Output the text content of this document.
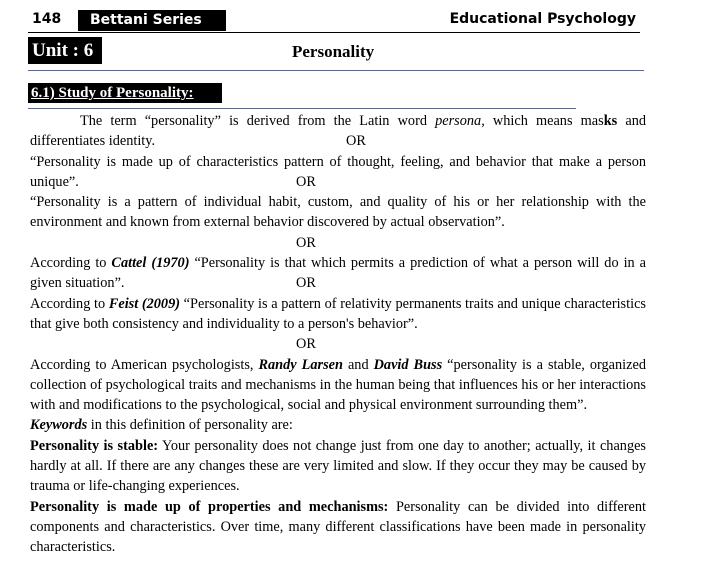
148	Bettani Series	Educational Psychology
Unit : 6	Personality
6.1) Study of Personality:

The term “personality” is derived from the Latin word persona, which means masks and differentiates identity.	OR

“Personality is made up of characteristics pattern of thought, feeling, and behavior that make a person unique”.	OR

“Personality is a pattern of individual habit, custom, and quality of his or her relationship with the environment and known from external behavior discovered by actual observation”.

OR

According to Cattel (1970) “Personality is that which permits a prediction of what a person will do in a given situation”.	OR

According to Feist (2009) “Personality is a pattern of relativity permanents traits and unique characteristics that give both consistency and individuality to a person's behavior”.

OR

According to American psychologists, Randy Larsen and David Buss “personality is a stable, organized collection of psychological traits and mechanisms in the human being that influences his or her interactions with and modifications to the psychological, social and physical environment surrounding them”.

Keywords in this definition of personality are:

Personality is stable: Your personality does not change just from one day to another; actually, it changes hardly at all. If there are any changes these are very limited and slow. If they occur they may be caused by trauma or life-changing experiences.

Personality is made up of properties and mechanisms: Personality can be divided into different components and characteristics. Over time, many different classifications have been made in personality characteristics.
